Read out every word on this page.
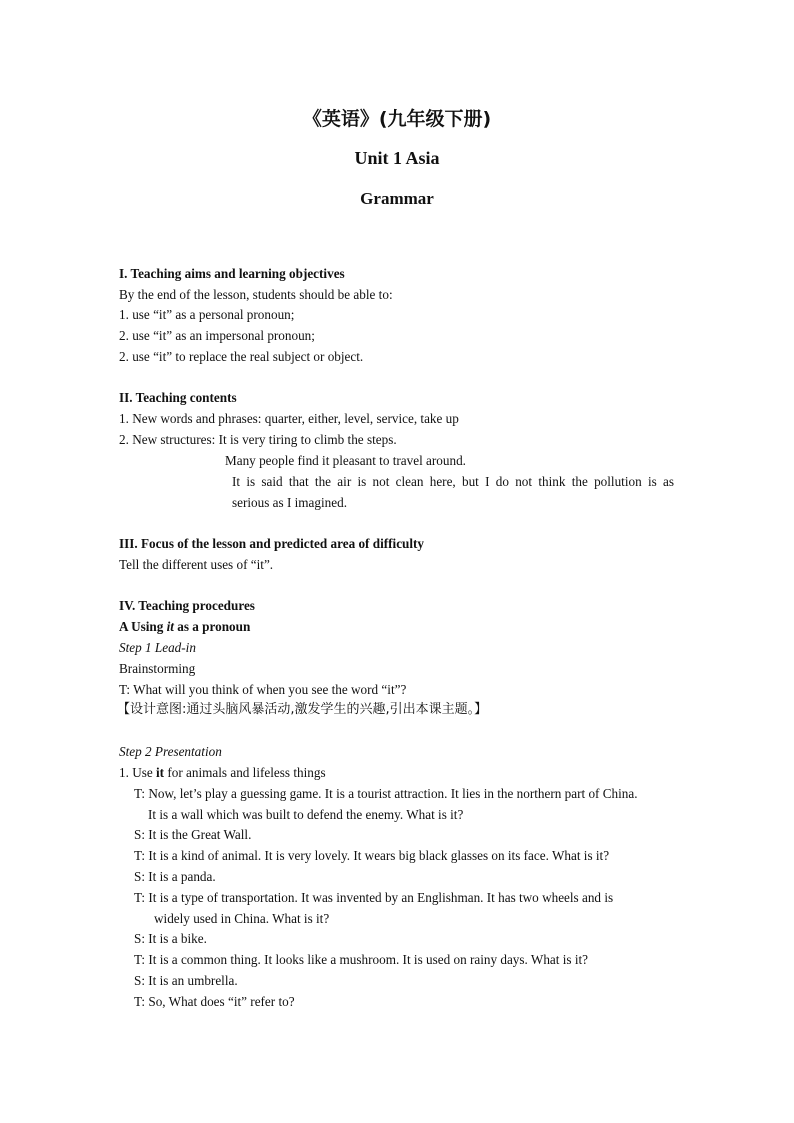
《英语》(九年级下册)
Unit 1 Asia
Grammar
I. Teaching aims and learning objectives
By the end of the lesson, students should be able to:
1. use “it” as a personal pronoun;
2. use “it” as an impersonal pronoun;
2. use “it” to replace the real subject or object.
II. Teaching contents
1. New words and phrases: quarter, either, level, service, take up
2. New structures: It is very tiring to climb the steps.
Many people find it pleasant to travel around.
It is said that the air is not clean here, but I do not think the pollution is as
serious as I imagined.
III. Focus of the lesson and predicted area of difficulty
Tell the different uses of “it”.
IV. Teaching procedures
A Using it as a pronoun
Step 1 Lead-in
Brainstorming
T: What will you think of when you see the word “it”?
【设计意图:通过头脑风暴活动,激发学生的兴趣,引出本课主题。】
Step 2 Presentation
1. Use it for animals and lifeless things
T: Now, let’s play a guessing game. It is a tourist attraction. It lies in the northern part of China.
It is a wall which was built to defend the enemy. What is it?
S: It is the Great Wall.
T: It is a kind of animal. It is very lovely. It wears big black glasses on its face. What is it?
S: It is a panda.
T: It is a type of transportation. It was invented by an Englishman. It has two wheels and is
widely used in China. What is it?
S: It is a bike.
T: It is a common thing. It looks like a mushroom. It is used on rainy days. What is it?
S: It is an umbrella.
T: So, What does “it” refer to?
